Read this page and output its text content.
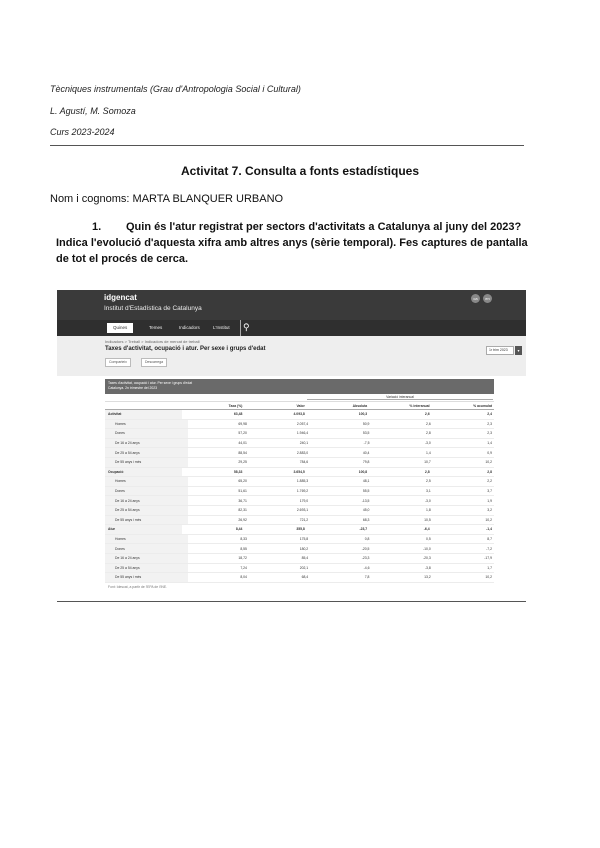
Tècniques instrumentals (Grau d'Antropologia Social i Cultural)
L. Agustí, M. Somoza
Curs 2023-2024
Activitat 7. Consulta a fonts estadístiques
Nom i cognoms: MARTA BLANQUER URBANO
1. Quin és l'atur registrat per sectors d'activitats a Catalunya al juny del 2023? Indica l'evolució d'aquesta xifra amb altres anys (sèrie temporal). Fes captures de pantalla de tot el procés de cerca.
idgencat
Institut d'Estadística de Catalunya
ca	en
Quines	Temes	Indicadors	L'Institut	⚲
Indicadors > Treball > Indicadors de mercat de treball
Taxes d'activitat, ocupació i atur. Per sexe i grups d'edat
Comparteix	Descarrega
1r trim 2023	▾
Taxes d'activitat, ocupació i atur. Per sexe i grups d'edat
Catalunya. 2n trimestre del 2023
Variació interanual
Taxa (%)	Valor	Absoluta	% interanual	% acumulat
Activitat	63,48	4.093,8	100,3	2,6	2,4
Homes	69,98	2.057,4	50,9	2,6	2,3
Dones	57,20	1.946,4	53,5	2,8	2,3
De 16 a 24 anys	44,01	240,1	-7,5	-3,0	1,4
De 25 a 54 anys	88,54	2.883,0	40,4	1,4	0,9
De 55 anys i més	29,25	784,6	79,8	10,7	10,2
Ocupació	58,33	3.654,5	100,8	2,8	2,8
Homes	65,20	1.885,3	48,1	2,5	2,2
Dones	51,61	1.769,2	55,5	3,1	3,7
De 16 a 24 anys	36,71	179,0	-13,5	-3,0	1,9
De 25 a 54 anys	82,31	2.693,1	45,0	1,8	3,2
De 55 anys i més	26,92	721,2	68,3	10,5	10,2
Atur	8,44	355,8	-23,7	-6,4	-1,4
Homes	8,33	175,8	0,8	0,5	8,7
Dones	8,55	180,2	-20,5	-10,0	-7,2
De 16 a 24 anys	18,72	85,4	-23,3	-20,3	-17,9
De 25 a 54 anys	7,24	202,1	-4,6	-3,8	1,7
De 55 anys i més	8,04	68,4	7,8	13,2	10,2
Font: Idescat, a partir de l'EPA de l'INE.
